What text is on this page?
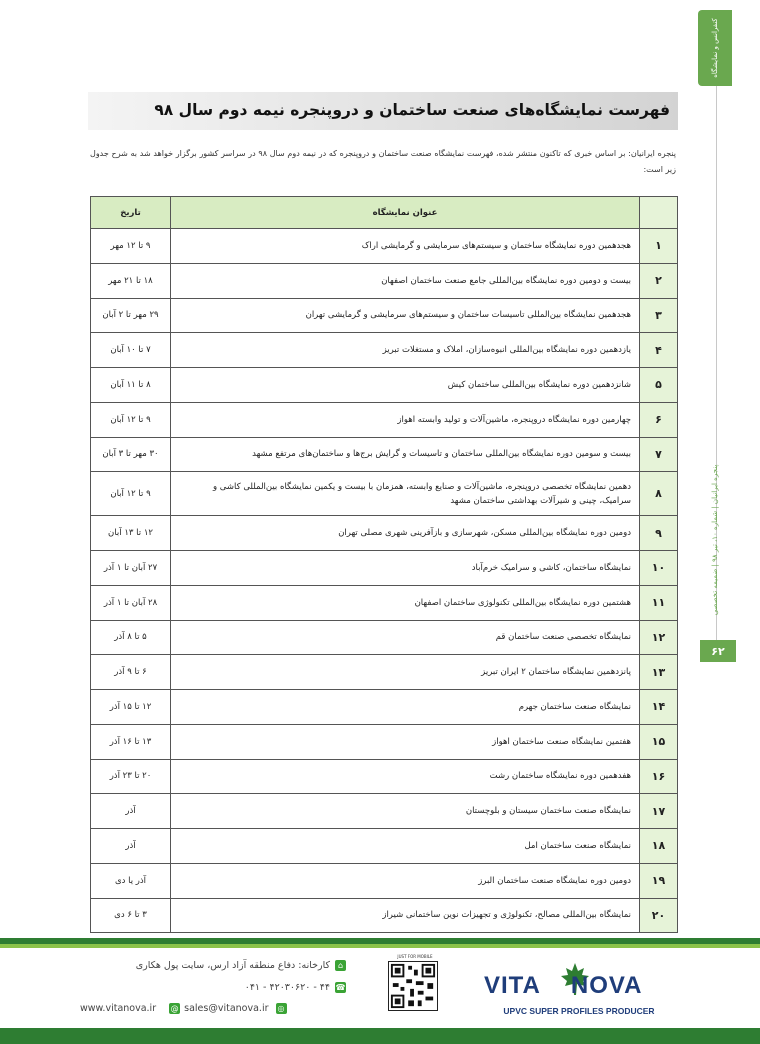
کنفرانس و نمایشگاه
پنجره ایرانیان | شماره ۱۰، تیر ۹۸ | ضمیمه تخصصی
۶۲
فهرست نمایشگاه‌های صنعت ساختمان و درو‌پنجره نیمه دوم سال ۹۸

پنجره ایرانیان: بر اساس خبری که تاکنون منتشر شده، فهرست نمایشگاه صنعت ساختمان و درو‌پنجره که در نیمه دوم سال ۹۸ در سراسر کشور برگزار خواهد شد به شرح جدول زیر است:

	عنوان نمایشگاه	تاریخ
۱	هجدهمین دوره نمایشگاه ساختمان و سیستم‌های سرمایشی و گرمایشی اراک	۹ تا ۱۲ مهر
۲	بیست و دومین دوره نمایشگاه بین‌المللی جامع صنعت ساختمان اصفهان	۱۸ تا ۲۱ مهر
۳	هجدهمین نمایشگاه بین‌المللی تاسیسات ساختمان و سیستم‌های سرمایشی و گرمایشی تهران	۲۹ مهر تا ۲ آبان
۴	یازدهمین دوره نمایشگاه بین‌المللی انبوه‌سازان، املاک و مستغلات تبریز	۷ تا ۱۰ آبان
۵	شانزدهمین دوره نمایشگاه بین‌المللی ساختمان کیش	۸ تا ۱۱ آبان
۶	چهارمین دوره نمایشگاه درو‌پنجره، ماشین‌آلات و تولید وابسته اهواز	۹ تا ۱۲ آبان
۷	بیست و سومین دوره نمایشگاه بین‌المللی ساختمان و تاسیسات و گرایش برج‌ها و ساختمان‌های مرتفع مشهد	۳۰ مهر تا ۳ آبان
۸	دهمین نمایشگاه تخصصی درو‌پنجره، ماشین‌آلات و صنایع وابسته، همزمان با بیست و یکمین نمایشگاه بین‌المللی کاشی و سرامیک، چینی و شیرآلات بهداشتی ساختمان مشهد	۹ تا ۱۲ آبان
۹	دومین دوره نمایشگاه بین‌المللی مسکن، شهرسازی و بازآفرینی شهری مصلی تهران	۱۲ تا ۱۳ آبان
۱۰	نمایشگاه ساختمان، کاشی و سرامیک خرم‌آباد	۲۷ آبان تا ۱ آذر
۱۱	هشتمین دوره نمایشگاه بین‌المللی تکنولوژی ساختمان اصفهان	۲۸ آبان تا ۱ آذر
۱۲	نمایشگاه تخصصی صنعت ساختمان قم	۵ تا ۸ آذر
۱۳	پانزدهمین نمایشگاه ساختمان ۲ ایران تبریز	۶ تا ۹ آذر
۱۴	نمایشگاه صنعت ساختمان جهرم	۱۲ تا ۱۵ آذر
۱۵	هفتمین نمایشگاه صنعت ساختمان اهواز	۱۳ تا ۱۶ آذر
۱۶	هفدهمین دوره نمایشگاه ساختمان رشت	۲۰ تا ۲۳ آذر
۱۷	نمایشگاه صنعت ساختمان سیستان و بلوچستان	آذر
۱۸	نمایشگاه صنعت ساختمان امل	آذر
۱۹	دومین دوره نمایشگاه صنعت ساختمان البرز	آذر یا دی
۲۰	نمایشگاه بین‌المللی مصالح، تکنولوژی و تجهیزات نوین ساختمانی شیراز	۳ تا ۶ دی
⌂کارخانه: دفاع منطقه آزاد ارس، سایت پول هکاری
☎۰۴۱ - ۴۲۰۳۰۶۲۰ - ۴۴
www.vitanova.ir @ sales@vitanova.ir ◎
JUST FOR MOBILE
VITA NOVA
UPVC SUPER PROFILES PRODUCER
